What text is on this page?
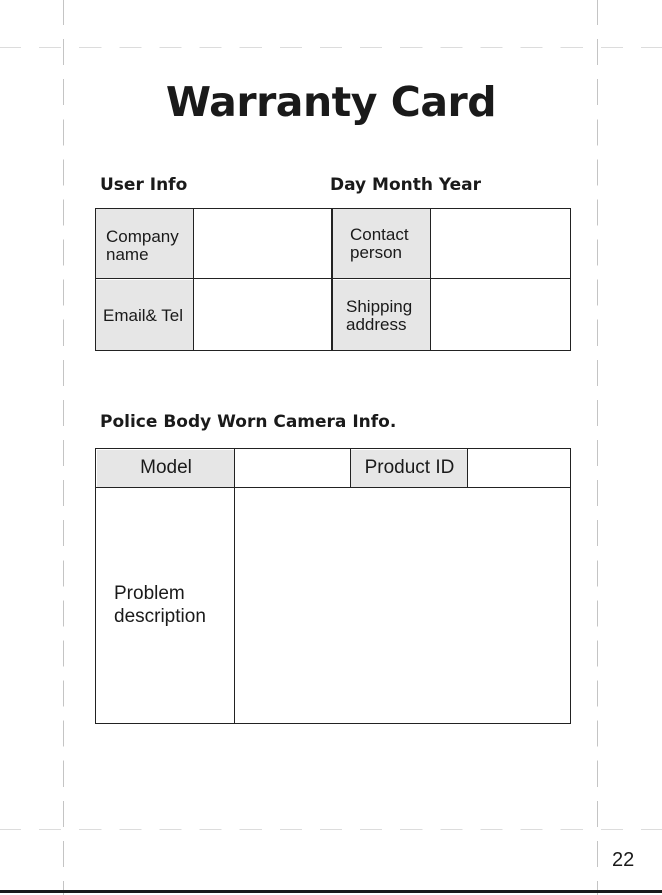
Warranty Card
User Info	Day Month Year
Company
name
Email& Tel
Contact
person
Shipping
address
Police Body Worn Camera Info.
Model	Product ID
Problem
description
22
